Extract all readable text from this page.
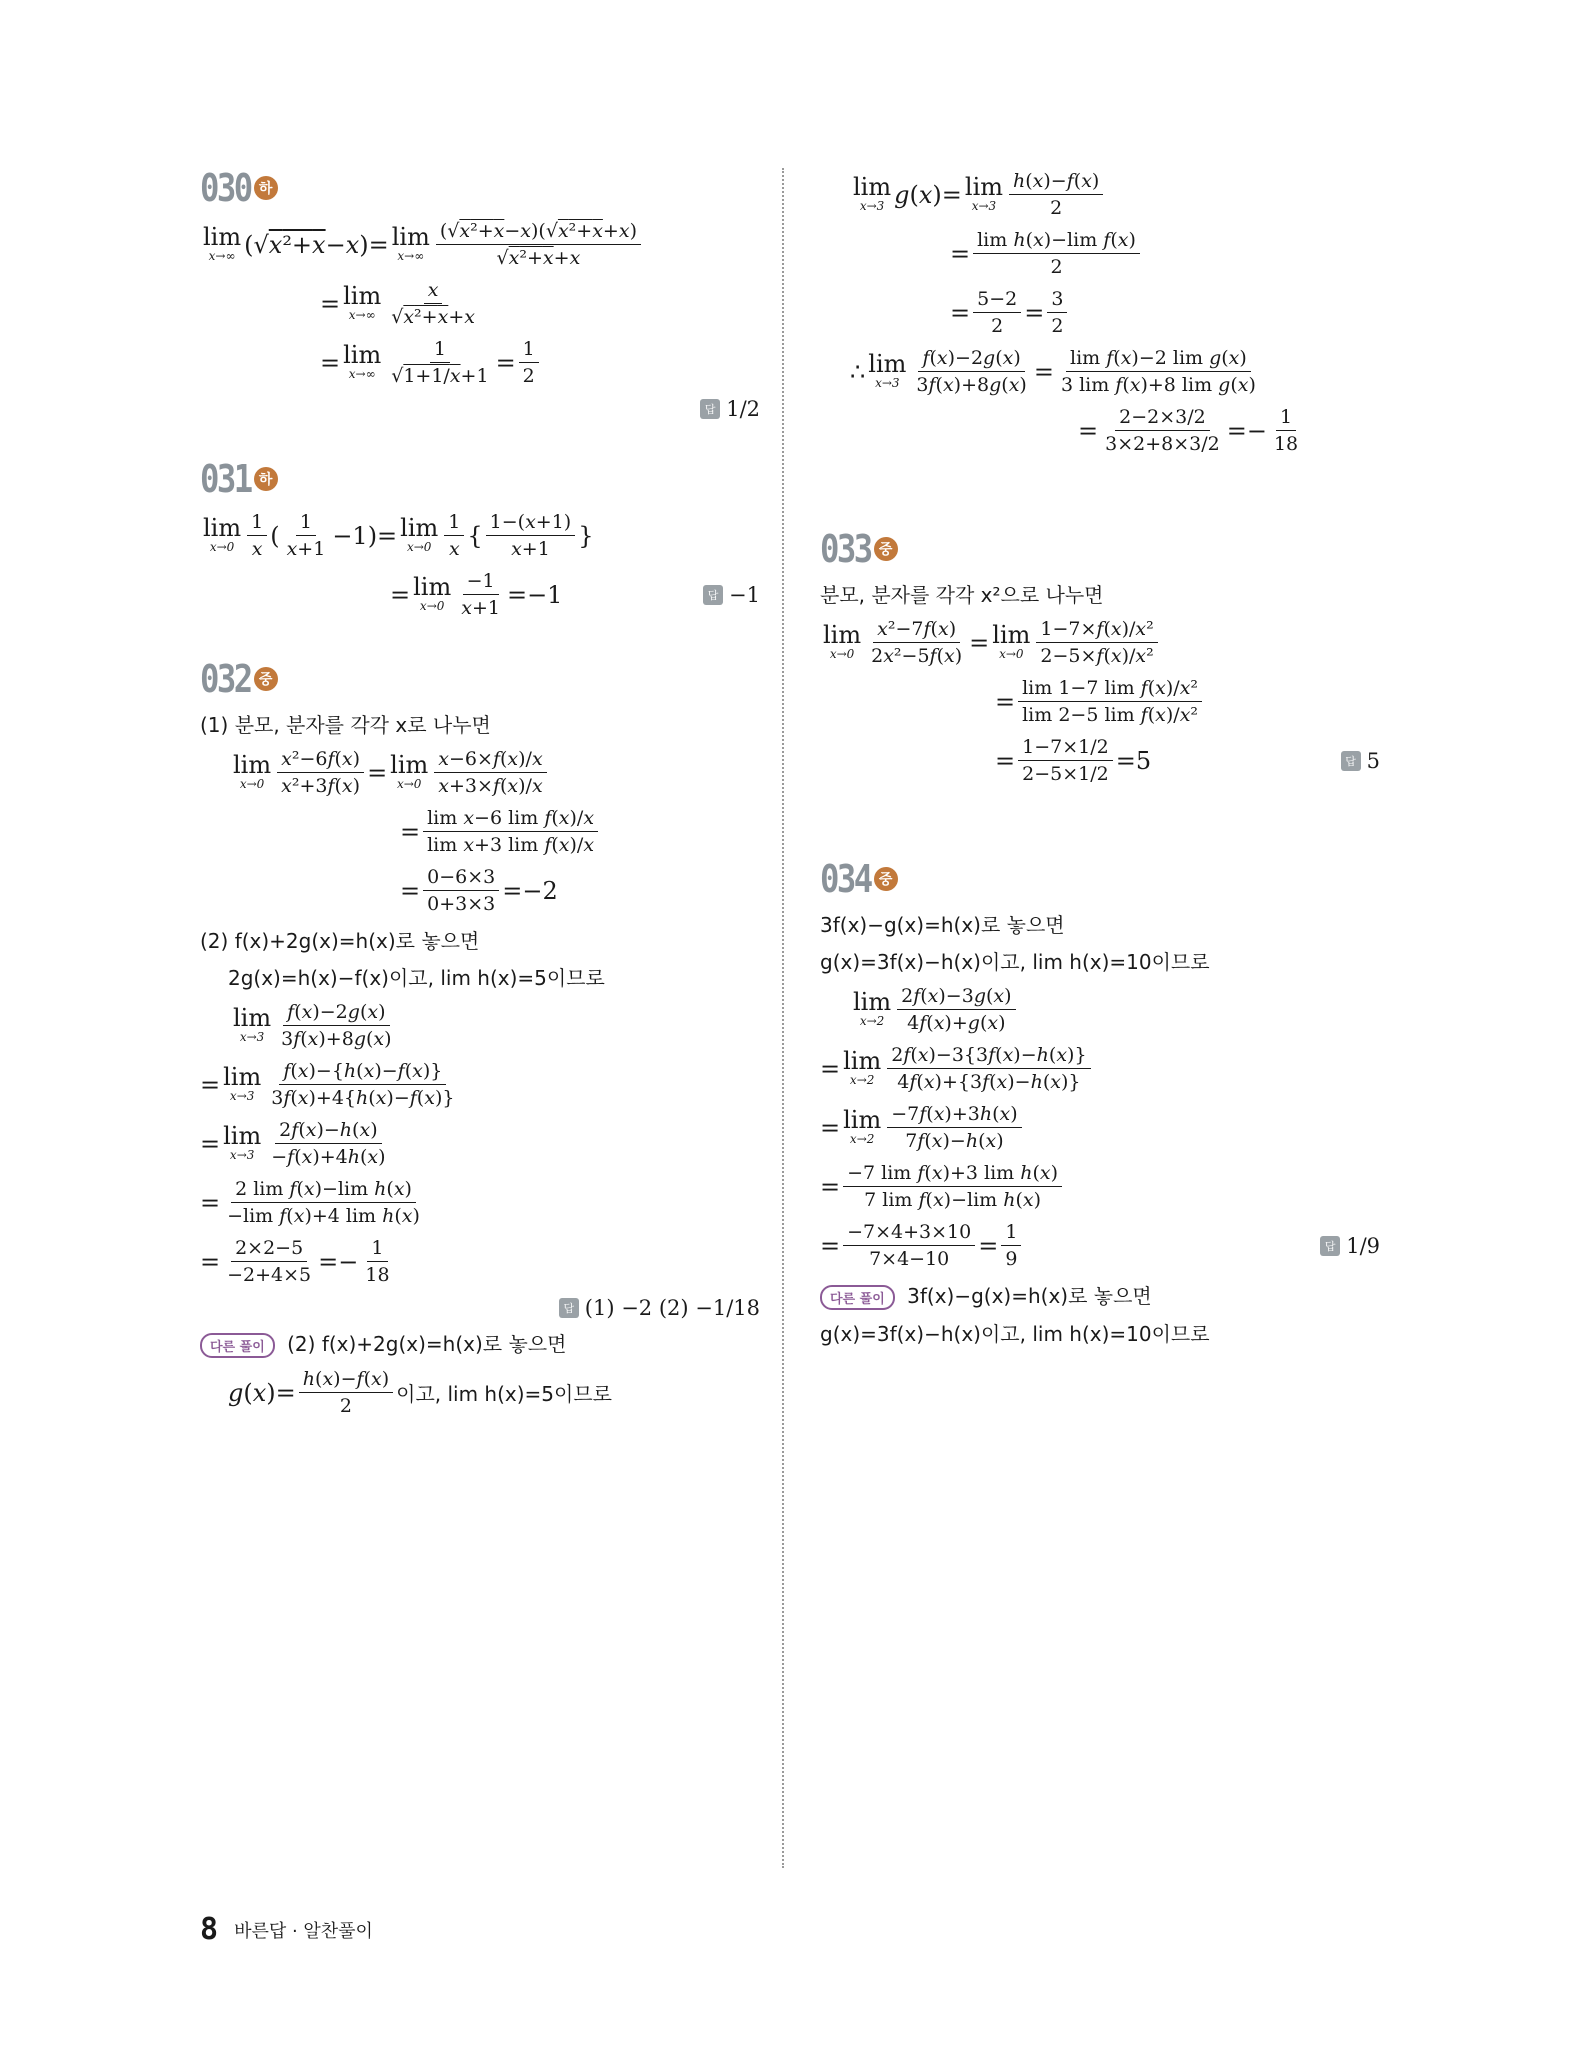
030 하
lim
x→∞ (√x²+x−x)= lim
$x\to\infty \frac{\text{(√x²+x−x)(√x²+x+x)}}{\text{√x²+x+x}}$
= lim
$x\to\infty \frac{x}{\text{√x²+x+x}}$
= lim
$x\to\infty \frac{1}{√1+1/x+1} = \frac{1}{2}$
답 1/2
031 하
lim
$x\to 0 \frac{1}{x}$ ( $\frac{1}{x+1} -1)= \lim$
$x\to 0 \frac{1}{x}$ { $\frac{1-(x+1)}{x+1}$ }
= lim
$x\to 0 \frac{-1}{x+1} =-1$	답 −1
032 중
(1) 분모, 분자를 각각 x로 나누면
lim
$x\to 0 \frac{\text{x²−6f(x)}}{\text{x²+3f(x)}} = \lim$
$x\to 0 \frac{x-6\times f(x)/x}{x+3\times f(x)/x}$
= $\frac{\text{lim x−6 lim f(x)/x}}{\text{lim x+3 lim f(x)/x}}$
= $\frac{0-6\times 3}{0+3\times 3} =-2$
(2) f(x)+2g(x)=h(x)로 놓으면
2g(x)=h(x)−f(x)이고, lim h(x)=5이므로
lim
$x\to 3 \frac{f(x)-2g(x)}{3f(x)+8g(x)}$
= lim
$x\to 3 \frac{f(x)-\{h(x)-f(x)\}}{3f(x)+4\{h(x)-f(x)\}}$
= lim
$x\to 3 \frac{2f(x)-h(x)}{-f(x)+4h(x)}$
= $\frac{\text{2 lim f(x)−lim h(x)}}{\text{−lim f(x)+4 lim h(x)}}$
= $\frac{2\times 2-5}{-2+4\times 5} =- \frac{1}{18}$
답 (1) −2 (2) −1/18
다른 풀이 (2) f(x)+2g(x)=h(x)로 놓으면
$g(x)= \frac{h(x)-f(x)}{2}$ 이고, lim h(x)=5이므로
lim
x→3 g(x)= lim
$x\to 3 \frac{h(x)-f(x)}{2}$
= $\frac{\text{lim h(x)−lim f(x)}}{2}$
= $\frac{5-2}{2} = \frac{3}{2}$
∴ lim
$x\to 3 \frac{f(x)-2g(x)}{3f(x)+8g(x)} = \frac{\text{lim f(x)−2 lim g(x)}}{\text{3 lim f(x)+8 lim g(x)}}$
= $\frac{2-2\times 3/2}{3\times 2+8\times 3/2} =- \frac{1}{18}$
033 중
분모, 분자를 각각 x²으로 나누면
lim
$x\to 0 \frac{\text{x²−7f(x)}}{\text{2x²−5f(x)}} = \lim$
$x\to 0 \frac{\text{1−7×f(x)/x²}}{\text{2−5×f(x)/x²}}$
= $\frac{\text{lim 1−7 lim f(x)/x²}}{\text{lim 2−5 lim f(x)/x²}}$
= $\frac{1-7\times 1/2}{2-5\times 1/2} =5$	답 5
034 중
3f(x)−g(x)=h(x)로 놓으면
g(x)=3f(x)−h(x)이고, lim h(x)=10이므로
lim
$x\to 2 \frac{2f(x)-3g(x)}{4f(x)+g(x)}$
= lim
$x\to 2 \frac{2f(x)-3\{3f(x)-h(x)\}}{4f(x)+\{3f(x)-h(x)\}}$
= lim
$x\to 2 \frac{-7f(x)+3h(x)}{7f(x)-h(x)}$
= $\frac{\text{−7 lim f(x)+3 lim h(x)}}{\text{7 lim f(x)−lim h(x)}}$
= $\frac{-7\times 4+3\times 10}{7\times 4-10} = \frac{1}{9}$	답 1/9
다른 풀이 3f(x)−g(x)=h(x)로 놓으면
g(x)=3f(x)−h(x)이고, lim h(x)=10이므로
8 바른답 · 알찬풀이
